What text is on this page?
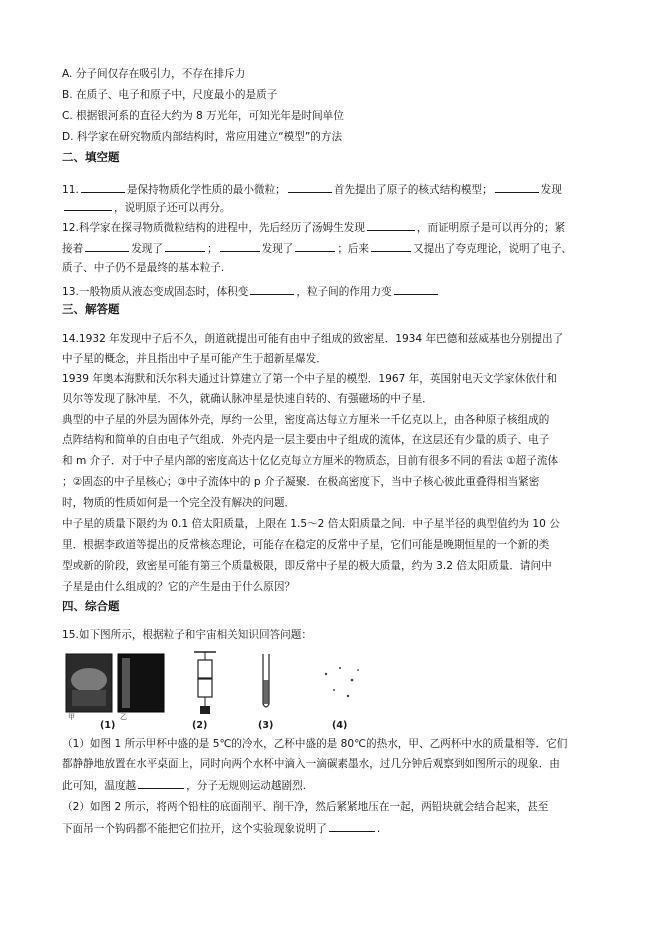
A. 分子间仅存在吸引力，不存在排斥力
B. 在质子、电子和原子中，尺度最小的是质子
C. 根据银河系的直径大约为 8 万光年，可知光年是时间单位
D. 科学家在研究物质内部结构时，常应用建立“模型”的方法
二、填空题
11.	是保持物质化学性质的最小微粒；	首先提出了原子的核式结构模型；	发现
，说明原子还可以再分。
12.科学家在探寻物质微粒结构的进程中，先后经历了汤姆生发现	，而证明原子是可以再分的；紧
接着	发现了	；	发现了	；后来	又提出了夸克理论，说明了电子、
质子、中子仍不是最终的基本粒子.
13.一般物质从液态变成固态时，体积变	，粒子间的作用力变
三、解答题
14.1932 年发现中子后不久，朗道就提出可能有由中子组成的致密星．1934 年巴德和兹威基也分别提出了
中子星的概念，并且指出中子星可能产生于超新星爆发．
1939 年奥本海默和沃尔科夫通过计算建立了第一个中子星的模型．1967 年，英国射电天文学家休依什和
贝尔等发现了脉冲星．不久，就确认脉冲星是快速自转的、有强磁场的中子星．
典型的中子星的外层为固体外壳，厚约一公里，密度高达每立方厘米一千亿克以上，由各种原子核组成的
点阵结构和简单的自由电子气组成．外壳内是一层主要由中子组成的流体，在这层还有少量的质子、电子
和 m 介子．对于中子星内部的密度高达十亿亿克每立方厘米的物质态，目前有很多不同的看法 ①超子流体
；②固态的中子星核心；③中子流体中的 p 介子凝聚．在极高密度下，当中子核心彼此重叠得相当紧密
时，物质的性质如何是一个完全没有解决的问题．
中子星的质量下限约为 0.1 倍太阳质量，上限在 1.5～2 倍太阳质量之间．中子星半径的典型值约为 10 公
里．根据李政道等提出的反常核态理论，可能存在稳定的反常中子星，它们可能是晚期恒星的一个新的类
型或新的阶段，致密星可能有第三个质量极限，即反常中子星的极大质量，约为 3.2 倍太阳质量．请问中
子星是由什么组成的？它的产生是由于什么原因？
四、综合题
15.如下图所示，根据粒子和宇宙相关知识回答问题：
甲	乙
(1)	(2)	(3)	(4)
（1）如图 1 所示甲杯中盛的是 5℃的冷水，乙杯中盛的是 80℃的热水，甲、乙两杯中水的质量相等．它们
都静静地放置在水平桌面上，同时向两个水杯中滴入一滴碳素墨水，过几分钟后观察到如图所示的现象．由
此可知，温度越	，分子无规则运动越剧烈.
（2）如图 2 所示，将两个铅柱的底面削平、削干净，然后紧紧地压在一起，两铅块就会结合起来，甚至
下面吊一个钩码都不能把它们拉开，这个实验现象说明了	.
